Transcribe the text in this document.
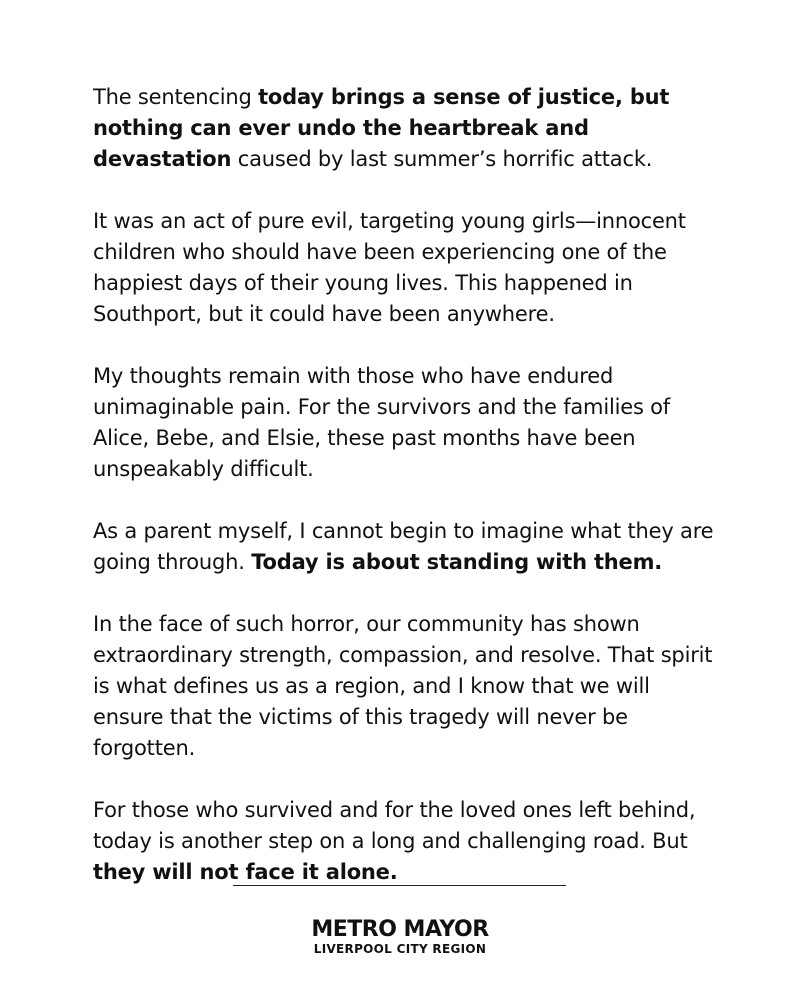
The sentencing today brings a sense of justice, but nothing can ever undo the heartbreak and devastation caused by last summer’s horrific attack.

It was an act of pure evil, targeting young girls—innocent children who should have been experiencing one of the happiest days of their young lives. This happened in Southport, but it could have been anywhere.

My thoughts remain with those who have endured unimaginable pain. For the survivors and the families of Alice, Bebe, and Elsie, these past months have been unspeakably difficult.

As a parent myself, I cannot begin to imagine what they are going through. Today is about standing with them.

In the face of such horror, our community has shown extraordinary strength, compassion, and resolve. That spirit is what defines us as a region, and I know that we will ensure that the victims of this tragedy will never be forgotten.

For those who survived and for the loved ones left behind, today is another step on a long and challenging road. But they will not face it alone.

METRO MAYOR
LIVERPOOL CITY REGION
